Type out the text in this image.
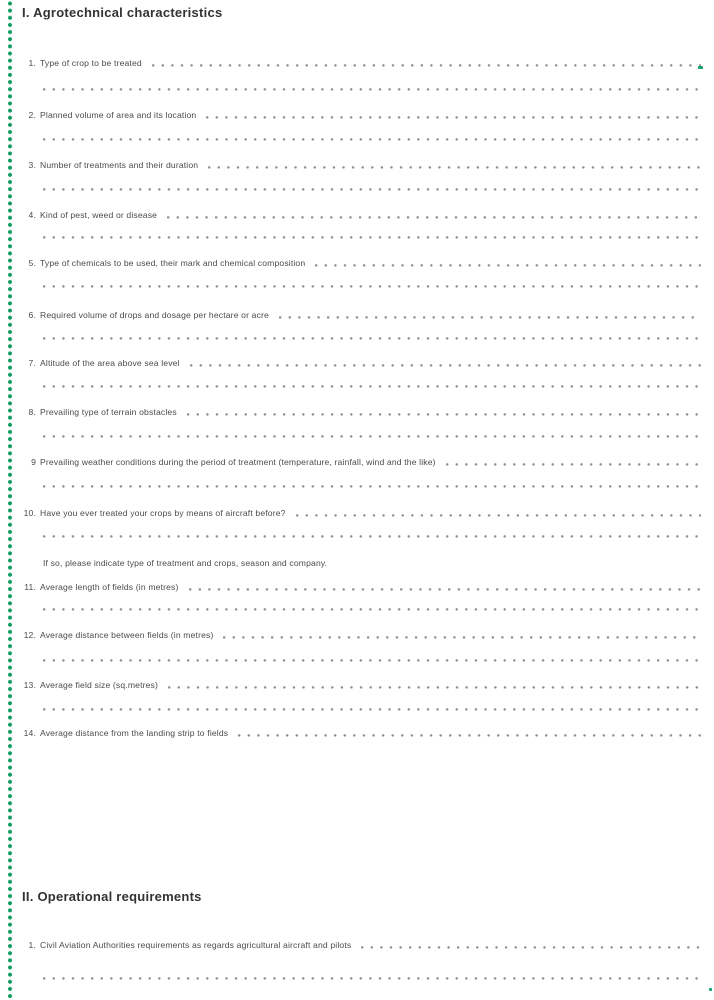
I. Agrotechnical characteristics
1. Type of crop to be treated
2. Planned volume of area and its location
3. Number of treatments and their duration
4. Kind of pest, weed or disease
5. Type of chemicals to be used, their mark and chemical composition
6. Required volume of drops and dosage per hectare or acre
7. Altitude of the area above sea level
8. Prevailing type of terrain obstacles
9 Prevailing weather conditions during the period of treatment (temperature, rainfall, wind and the like)
10. Have you ever treated your crops by means of aircraft before?
If so, please indicate type of treatment and crops, season and company.
11. Average length of fields (in metres)
12. Average distance between fields (in metres)
13. Average field size (sq.metres)
14. Average distance from the landing strip to fields
II. Operational requirements
1. Civil Aviation Authorities requirements as regards agricultural aircraft and pilots
